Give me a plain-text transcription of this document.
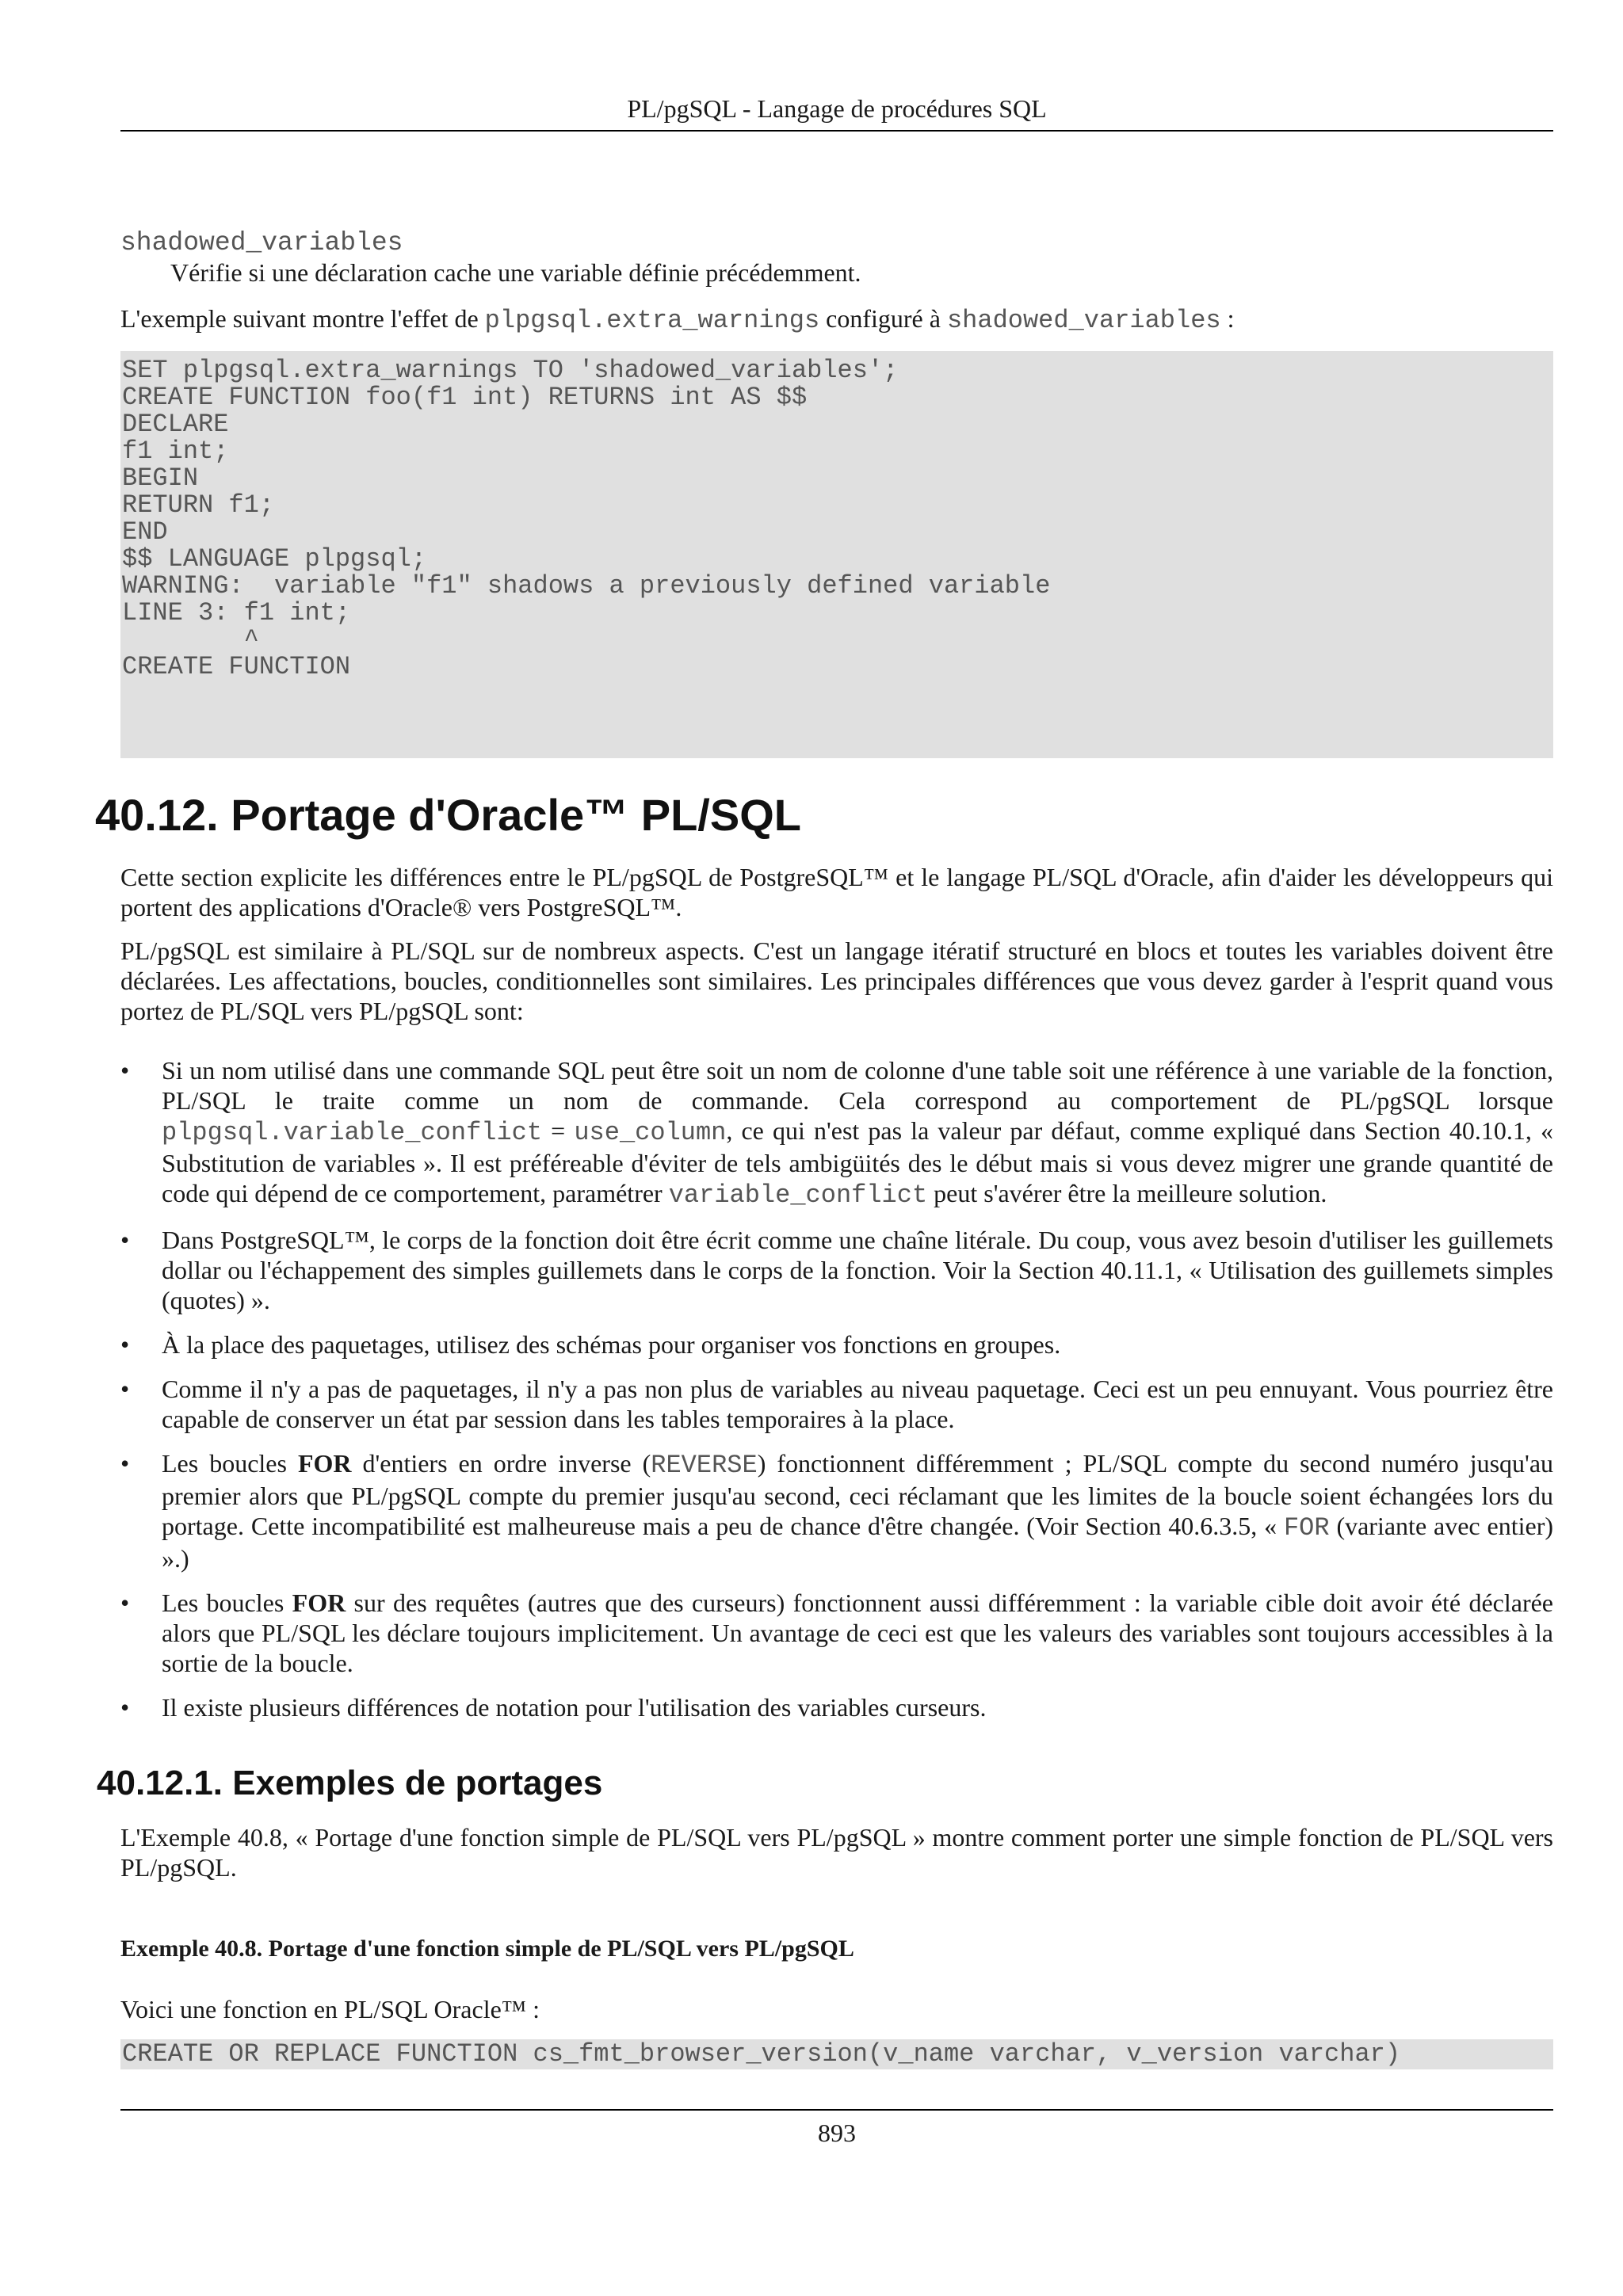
PL/pgSQL - Langage de procédures SQL
shadowed_variables
Vérifie si une déclaration cache une variable définie précédemment.
L'exemple suivant montre l'effet de plpgsql.extra_warnings configuré à shadowed_variables :
SET plpgsql.extra_warnings TO 'shadowed_variables';
CREATE FUNCTION foo(f1 int) RETURNS int AS $$
DECLARE
f1 int;
BEGIN
RETURN f1;
END
$$ LANGUAGE plpgsql;
WARNING:  variable "f1" shadows a previously defined variable
LINE 3: f1 int;
^
CREATE FUNCTION
40.12. Portage d'Oracle™ PL/SQL
Cette section explicite les différences entre le PL/pgSQL de PostgreSQL™ et le langage PL/SQL d'Oracle, afin d'aider les développeurs qui portent des applications d'Oracle® vers PostgreSQL™.
PL/pgSQL est similaire à PL/SQL sur de nombreux aspects. C'est un langage itératif structuré en blocs et toutes les variables doivent être déclarées. Les affectations, boucles, conditionnelles sont similaires. Les principales différences que vous devez garder à l'esprit quand vous portez de PL/SQL vers PL/pgSQL sont:
• Si un nom utilisé dans une commande SQL peut être soit un nom de colonne d'une table soit une référence à une variable de la fonction, PL/SQL le traite comme un nom de commande. Cela correspond au comportement de PL/pgSQL lorsque plpgsql.variable_conflict = use_column, ce qui n'est pas la valeur par défaut, comme expliqué dans Section 40.10.1, « Substitution de variables ». Il est préféreable d'éviter de tels ambigüités des le début mais si vous devez migrer une grande quantité de code qui dépend de ce comportement, paramétrer variable_conflict peut s'avérer être la meilleure solution.
• Dans PostgreSQL™, le corps de la fonction doit être écrit comme une chaîne litérale. Du coup, vous avez besoin d'utiliser les guillemets dollar ou l'échappement des simples guillemets dans le corps de la fonction. Voir la Section 40.11.1, « Utilisation des guillemets simples (quotes) ».
• À la place des paquetages, utilisez des schémas pour organiser vos fonctions en groupes.
• Comme il n'y a pas de paquetages, il n'y a pas non plus de variables au niveau paquetage. Ceci est un peu ennuyant. Vous pourriez être capable de conserver un état par session dans les tables temporaires à la place.
• Les boucles FOR d'entiers en ordre inverse (REVERSE) fonctionnent différemment ; PL/SQL compte du second numéro jusqu'au premier alors que PL/pgSQL compte du premier jusqu'au second, ceci réclamant que les limites de la boucle soient échangées lors du portage. Cette incompatibilité est malheureuse mais a peu de chance d'être changée. (Voir Section 40.6.3.5, « FOR (variante avec entier) ».)
• Les boucles FOR sur des requêtes (autres que des curseurs) fonctionnent aussi différemment : la variable cible doit avoir été déclarée alors que PL/SQL les déclare toujours implicitement. Un avantage de ceci est que les valeurs des variables sont toujours accessibles à la sortie de la boucle.
• Il existe plusieurs différences de notation pour l'utilisation des variables curseurs.
40.12.1. Exemples de portages
L'Exemple 40.8, « Portage d'une fonction simple de PL/SQL vers PL/pgSQL » montre comment porter une simple fonction de PL/SQL vers PL/pgSQL.
Exemple 40.8. Portage d'une fonction simple de PL/SQL vers PL/pgSQL
Voici une fonction en PL/SQL Oracle™ :
CREATE OR REPLACE FUNCTION cs_fmt_browser_version(v_name varchar, v_version varchar)
893
